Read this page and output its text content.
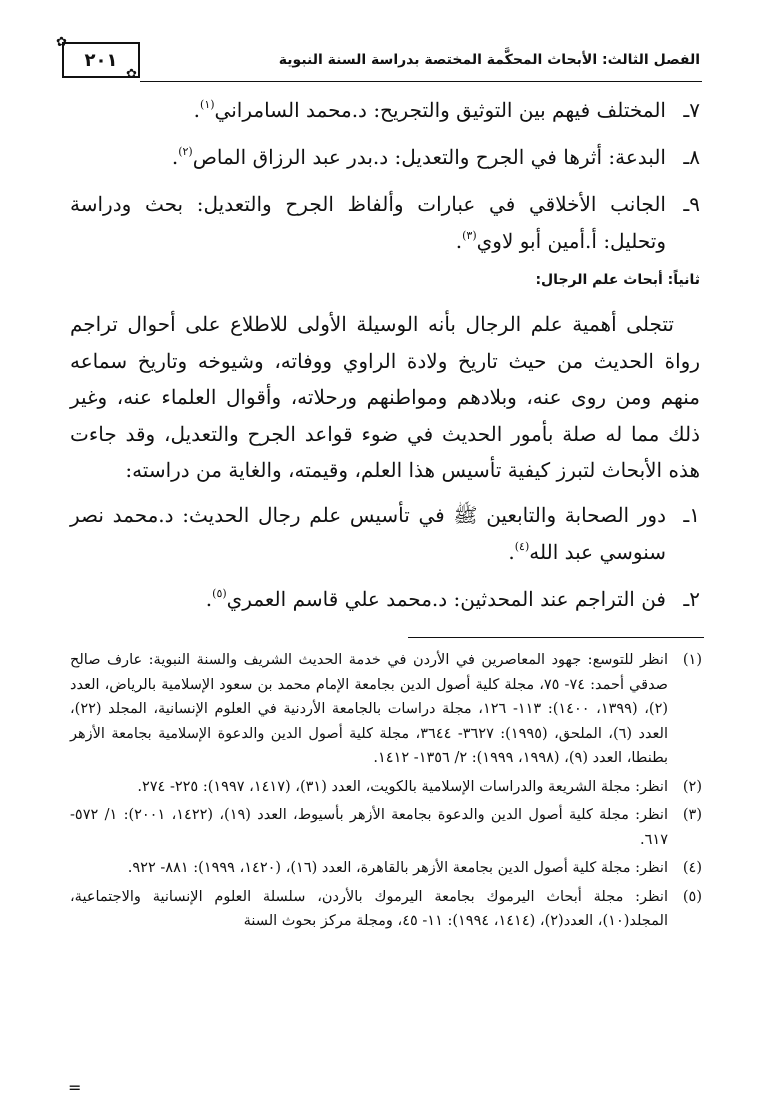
٢٠١
✿
✿
الفصل الثالث: الأبحاث المحكَّمة المختصة بدراسة السنة النبوية
٧ـ
المختلف فيهم بين التوثيق والتجريح: د.محمد السامراني$^{(١)}$.
٨ـ
البدعة: أثرها في الجرح والتعديل: د.بدر عبد الرزاق الماص$^{(٢)}$.
٩ـ
الجانب الأخلاقي في عبارات وألفاظ الجرح والتعديل: بحث ودراسة وتحليل: أ.أمين أبو لاوي$^{(٣)}$.
ثانياً: أبحاث علم الرجال:

تتجلى أهمية علم الرجال بأنه الوسيلة الأولى للاطلاع على أحوال تراجم رواة الحديث من حيث تاريخ ولادة الراوي ووفاته، وشيوخه وتاريخ سماعه منهم ومن روى عنه، وبلادهم ومواطنهم ورحلاته، وأقوال العلماء عنه، وغير ذلك مما له صلة بأمور الحديث في ضوء قواعد الجرح والتعديل، وقد جاءت هذه الأبحاث لتبرز كيفية تأسيس هذا العلم، وقيمته، والغاية من دراسته:

١ـ
دور الصحابة والتابعين ﷺ في تأسيس علم رجال الحديث: د.محمد نصر سنوسي عبد الله$^{(٤)}$.
٢ـ
فن التراجم عند المحدثين: د.محمد علي قاسم العمري$^{(٥)}$.
(١)
انظر للتوسع: جهود المعاصرين في الأردن في خدمة الحديث الشريف والسنة النبوية: عارف صالح صدقي أحمد: ٧٤- ٧٥، مجلة كلية أصول الدين بجامعة الإمام محمد بن سعود الإسلامية بالرياض، العدد (٢)، (١٣٩٩، ١٤٠٠): ١١٣- ١٢٦، مجلة دراسات بالجامعة الأردنية في العلوم الإنسانية، المجلد (٢٢)، العدد (٦)، الملحق، (١٩٩٥): ٣٦٢٧- ٣٦٤٤، مجلة كلية أصول الدين والدعوة الإسلامية بجامعة الأزهر بطنطا، العدد (٩)، (١٩٩٨، ١٩٩٩): ٢/ ١٣٥٦- ١٤١٢.
(٢)
انظر: مجلة الشريعة والدراسات الإسلامية بالكويت، العدد (٣١)، (١٤١٧، ١٩٩٧): ٢٢٥- ٢٧٤.
(٣)
انظر: مجلة كلية أصول الدين والدعوة بجامعة الأزهر بأسيوط، العدد (١٩)، (١٤٢٢، ٢٠٠١): ١/ ٥٧٢- ٦١٧.
(٤)
انظر: مجلة كلية أصول الدين بجامعة الأزهر بالقاهرة، العدد (١٦)، (١٤٢٠، ١٩٩٩): ٨٨١- ٩٢٢.
(٥)
انظر: مجلة أبحاث اليرموك بجامعة اليرموك بالأردن، سلسلة العلوم الإنسانية والاجتماعية، المجلد(١٠)، العدد(٢)، (١٤١٤، ١٩٩٤): ١١- ٤٥، ومجلة مركز بحوث السنة
=
